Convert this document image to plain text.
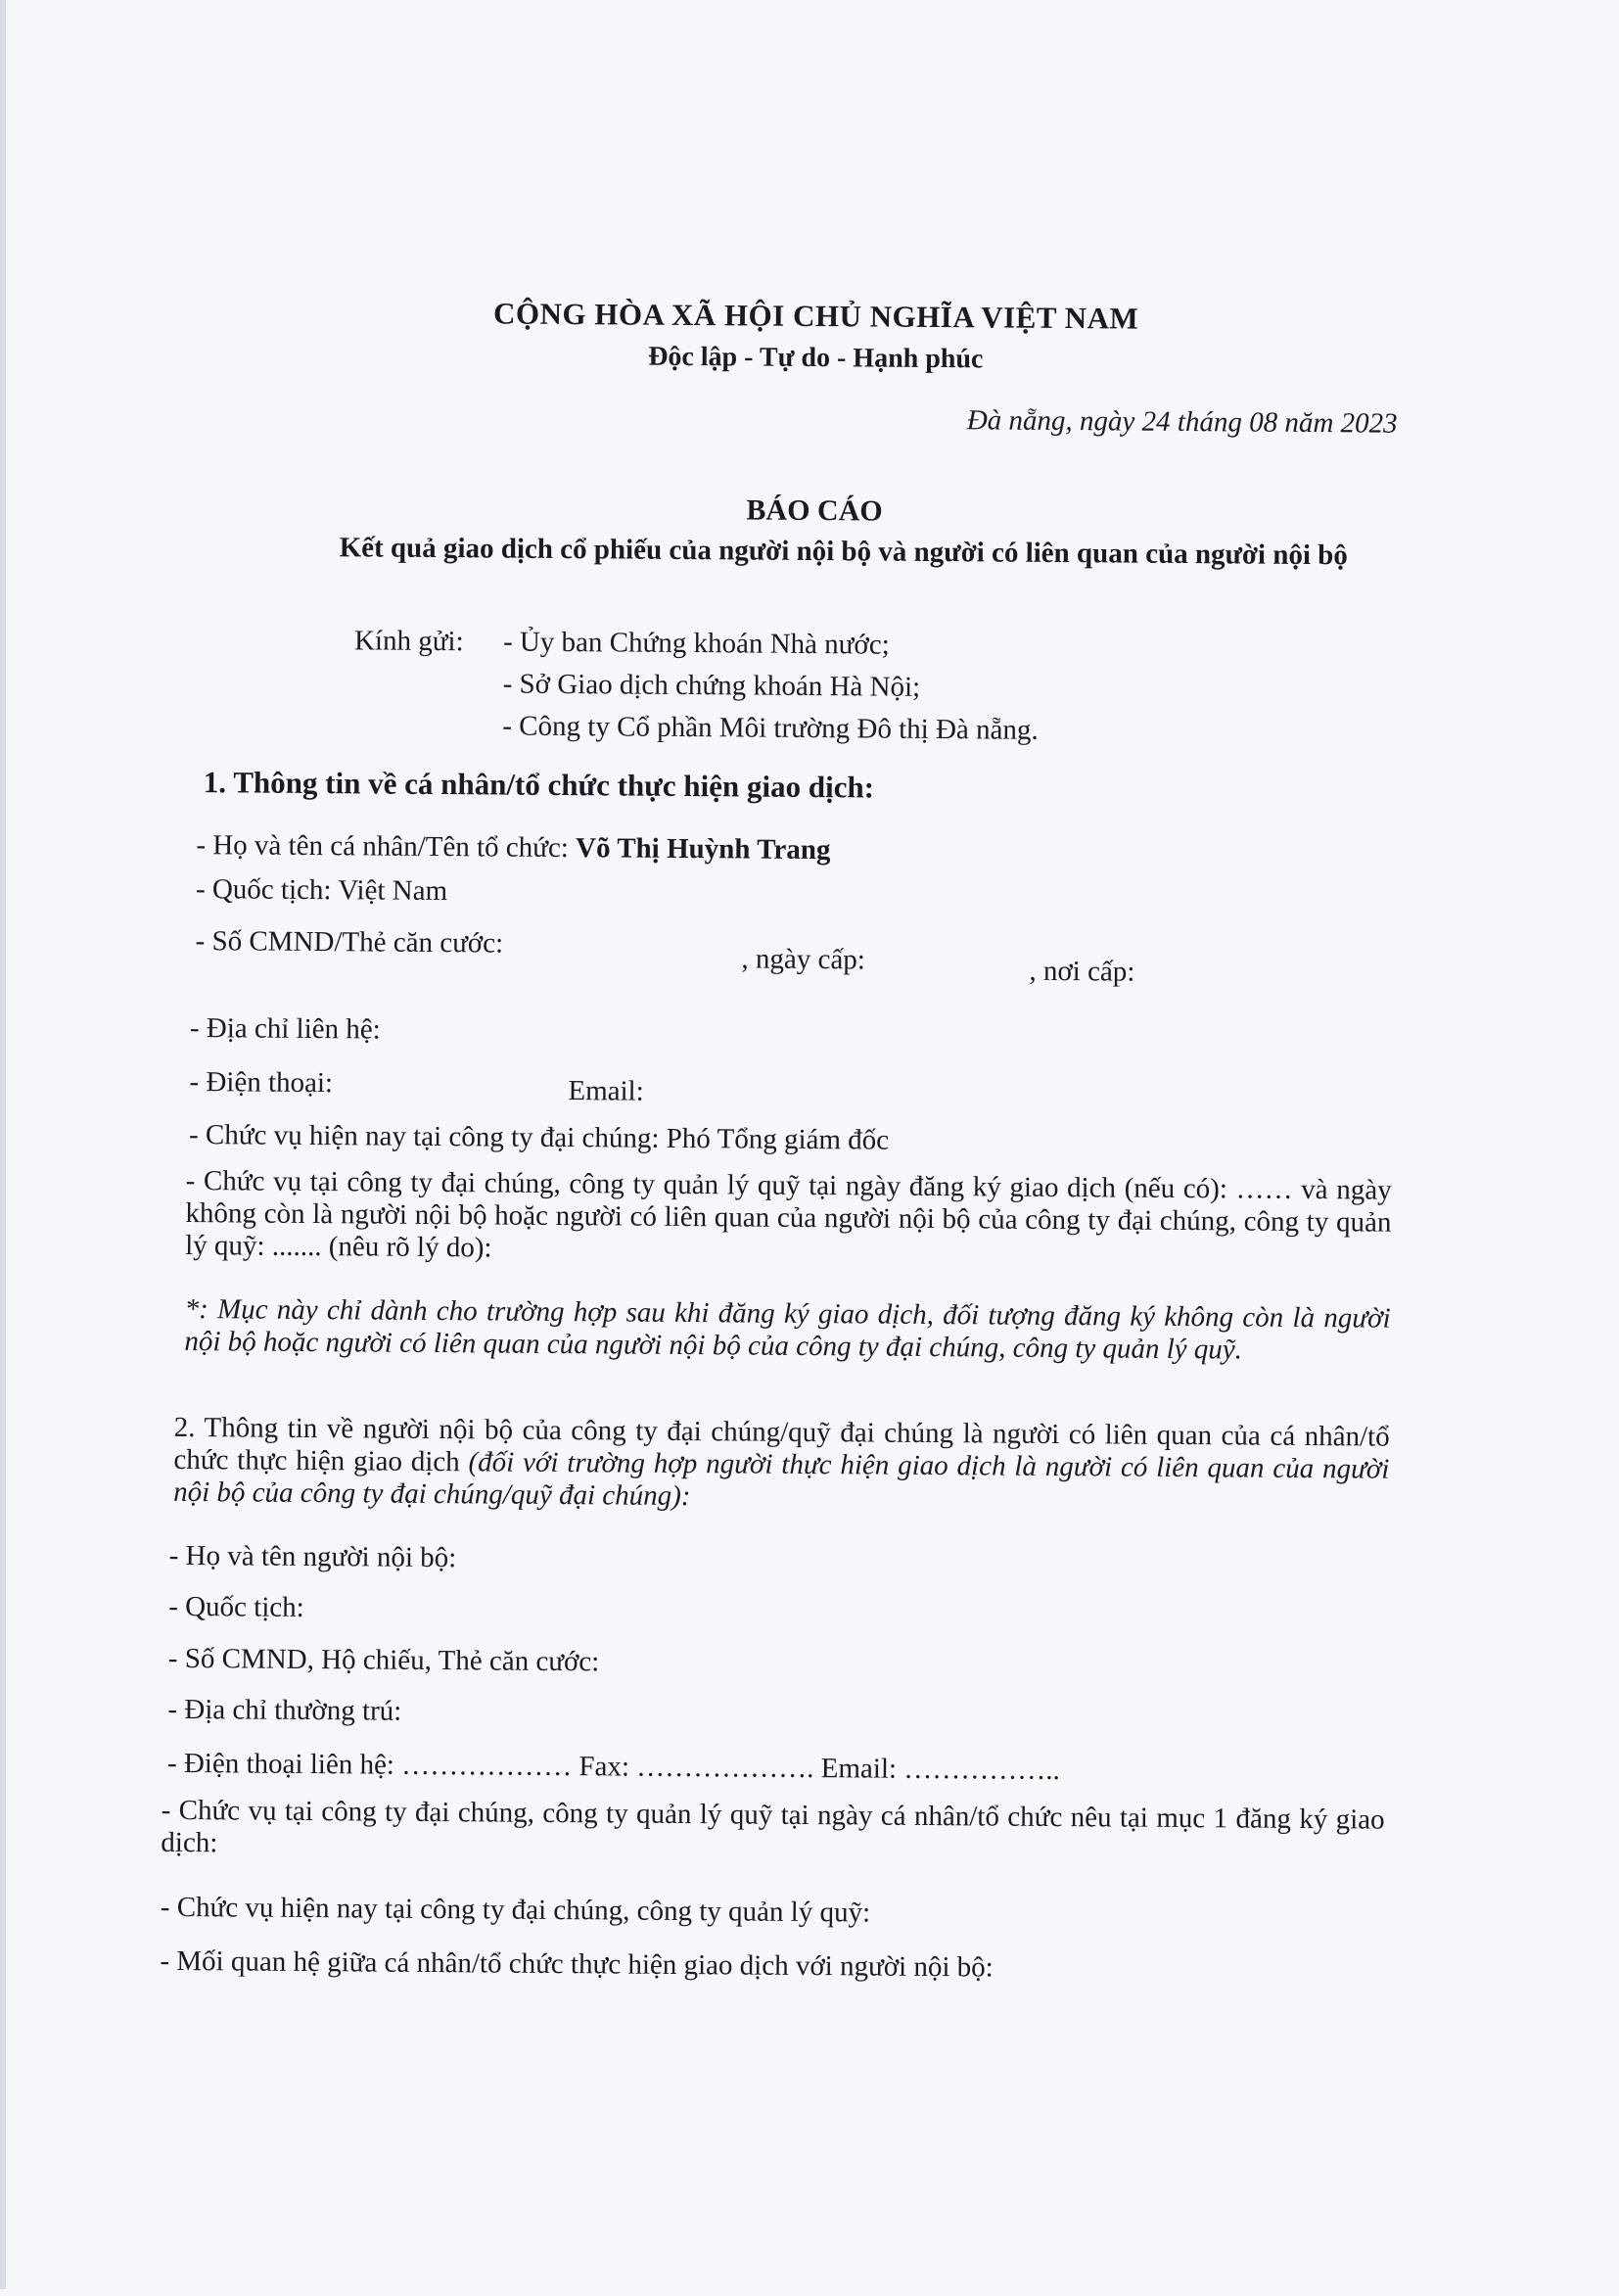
CỘNG HÒA XÃ HỘI CHỦ NGHĨA VIỆT NAM
Độc lập - Tự do - Hạnh phúc
Đà nẵng, ngày 24 tháng 08 năm 2023
BÁO CÁO
Kết quả giao dịch cổ phiếu của người nội bộ và người có liên quan của người nội bộ
Kính gửi: - Ủy ban Chứng khoán Nhà nước;
- Sở Giao dịch chứng khoán Hà Nội;
- Công ty Cổ phần Môi trường Đô thị Đà nẵng.
1. Thông tin về cá nhân/tổ chức thực hiện giao dịch:
- Họ và tên cá nhân/Tên tổ chức: Võ Thị Huỳnh Trang
- Quốc tịch: Việt Nam
- Số CMND/Thẻ căn cước:
, ngày cấp:	, nơi cấp:
- Địa chỉ liên hệ:
- Điện thoại:	Email:
- Chức vụ hiện nay tại công ty đại chúng: Phó Tổng giám đốc
- Chức vụ tại công ty đại chúng, công ty quản lý quỹ tại ngày đăng ký giao dịch (nếu có): …… và ngày không còn là người nội bộ hoặc người có liên quan của người nội bộ của công ty đại chúng, công ty quản lý quỹ: ....... (nêu rõ lý do):
*: Mục này chỉ dành cho trường hợp sau khi đăng ký giao dịch, đối tượng đăng ký không còn là người nội bộ hoặc người có liên quan của người nội bộ của công ty đại chúng, công ty quản lý quỹ.
2. Thông tin về người nội bộ của công ty đại chúng/quỹ đại chúng là người có liên quan của cá nhân/tổ chức thực hiện giao dịch (đối với trường hợp người thực hiện giao dịch là người có liên quan của người nội bộ của công ty đại chúng/quỹ đại chúng):
- Họ và tên người nội bộ:
- Quốc tịch:
- Số CMND, Hộ chiếu, Thẻ căn cước:
- Địa chỉ thường trú:
- Điện thoại liên hệ: ……………… Fax: ………………. Email: ……………..
- Chức vụ tại công ty đại chúng, công ty quản lý quỹ tại ngày cá nhân/tổ chức nêu tại mục 1 đăng ký giao dịch:
- Chức vụ hiện nay tại công ty đại chúng, công ty quản lý quỹ:
- Mối quan hệ giữa cá nhân/tổ chức thực hiện giao dịch với người nội bộ:
